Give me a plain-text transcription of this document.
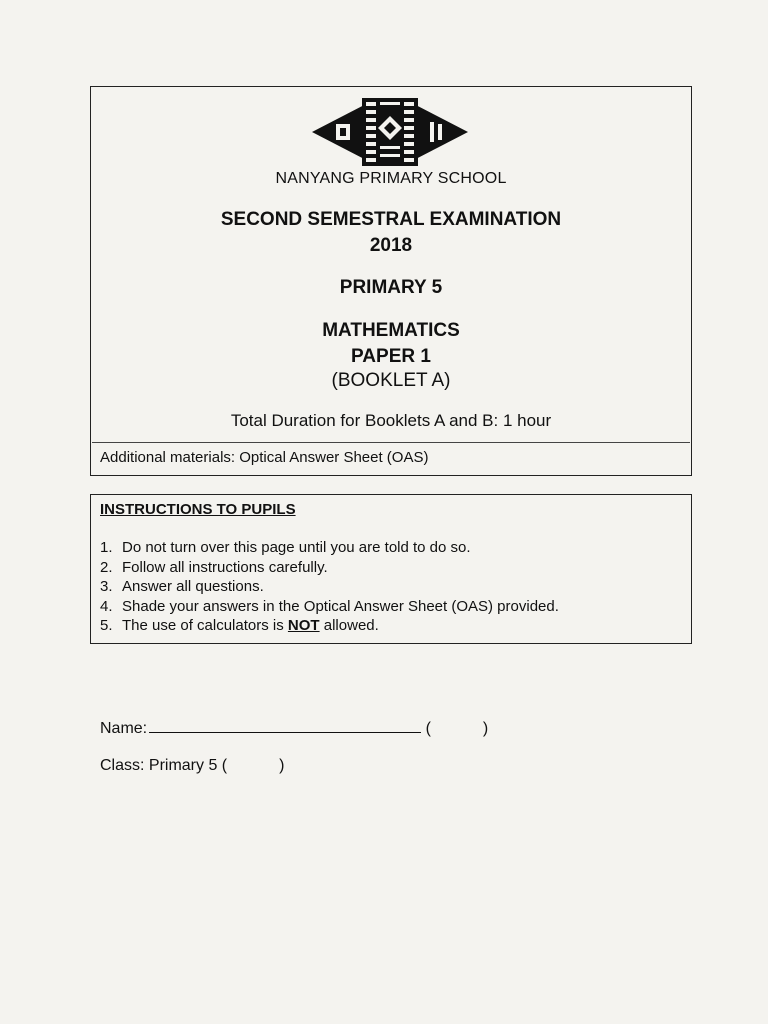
NANYANG PRIMARY SCHOOL
SECOND SEMESTRAL EXAMINATION
2018
PRIMARY 5
MATHEMATICS
PAPER 1
(BOOKLET A)
Total Duration for Booklets A and B: 1 hour
Additional materials: Optical Answer Sheet (OAS)
INSTRUCTIONS TO PUPILS
1. Do not turn over this page until you are told to do so.
2. Follow all instructions carefully.
3. Answer all questions.
4. Shade your answers in the Optical Answer Sheet (OAS) provided.
5. The use of calculators is NOT allowed.
Name:	(	)
Class: Primary 5 (	)
